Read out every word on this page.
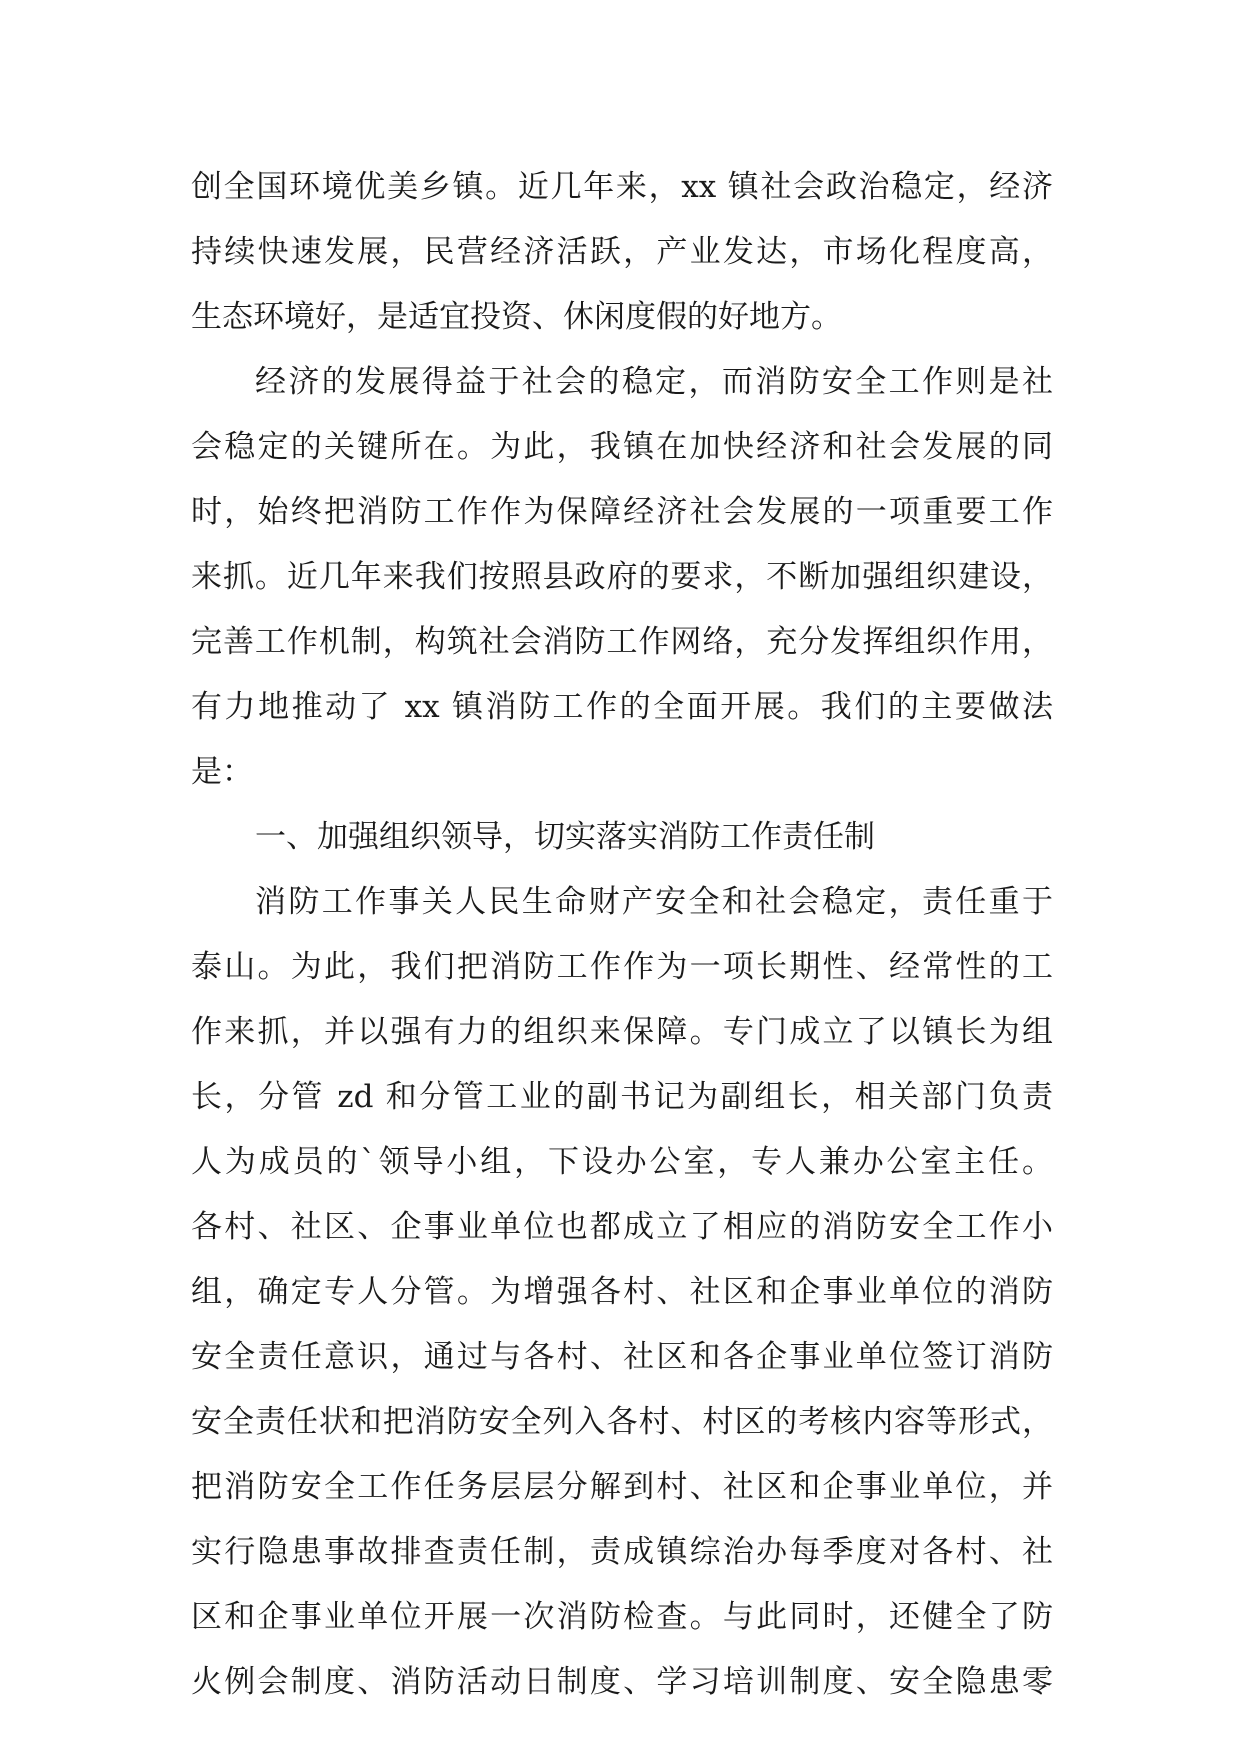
创全国环境优美乡镇。近几年来，xx 镇社会政治稳定，经济
持续快速发展，民营经济活跃，产业发达，市场化程度高，
生态环境好，是适宜投资、休闲度假的好地方。
经济的发展得益于社会的稳定，而消防安全工作则是社
会稳定的关键所在。为此，我镇在加快经济和社会发展的同
时，始终把消防工作作为保障经济社会发展的一项重要工作
来抓。近几年来我们按照县政府的要求，不断加强组织建设，
完善工作机制，构筑社会消防工作网络，充分发挥组织作用，
有力地推动了 xx 镇消防工作的全面开展。我们的主要做法
是：
一、加强组织领导，切实落实消防工作责任制
消防工作事关人民生命财产安全和社会稳定，责任重于
泰山。为此，我们把消防工作作为一项长期性、经常性的工
作来抓，并以强有力的组织来保障。专门成立了以镇长为组
长，分管 zd 和分管工业的副书记为副组长，相关部门负责
人为成员的`领导小组，下设办公室，专人兼办公室主任。
各村、社区、企事业单位也都成立了相应的消防安全工作小
组，确定专人分管。为增强各村、社区和企事业单位的消防
安全责任意识，通过与各村、社区和各企事业单位签订消防
安全责任状和把消防安全列入各村、村区的考核内容等形式，
把消防安全工作任务层层分解到村、社区和企事业单位，并
实行隐患事故排查责任制，责成镇综治办每季度对各村、社
区和企事业单位开展一次消防检查。与此同时，还健全了防
火例会制度、消防活动日制度、学习培训制度、安全隐患零
